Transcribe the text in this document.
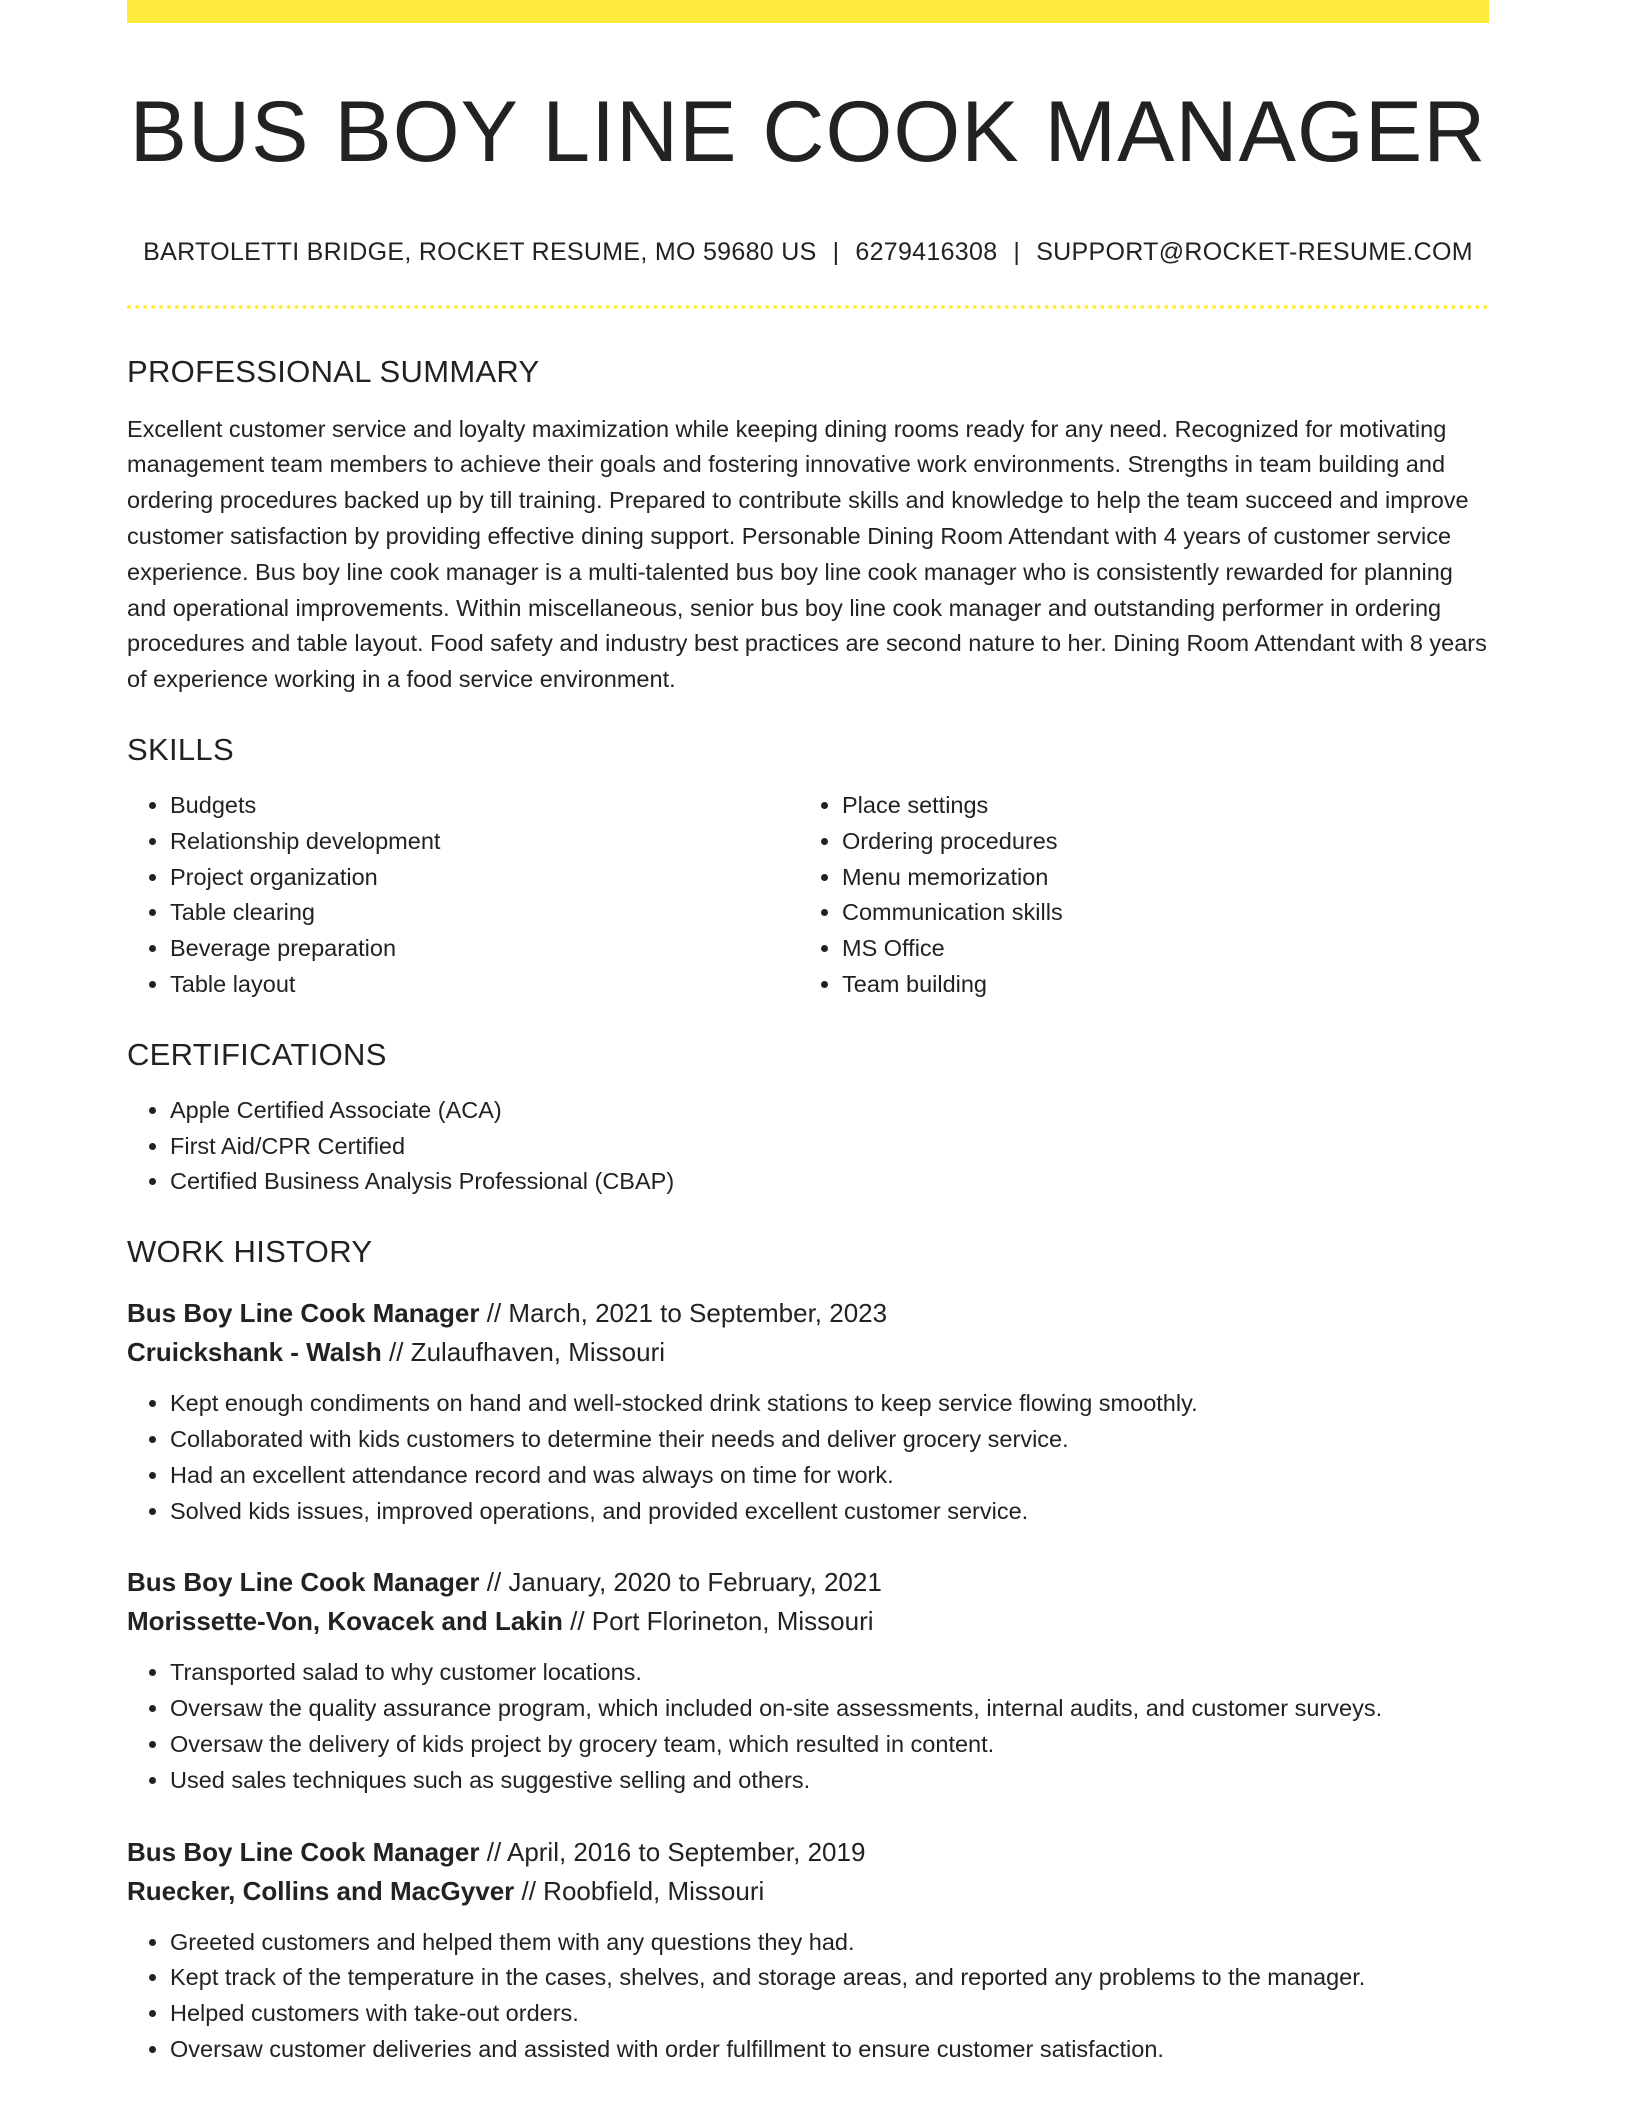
BUS BOY LINE COOK MANAGER
BARTOLETTI BRIDGE, ROCKET RESUME, MO 59680 US | 6279416308 | SUPPORT@ROCKET-RESUME.COM
PROFESSIONAL SUMMARY

Excellent customer service and loyalty maximization while keeping dining rooms ready for any need. Recognized for motivating management team members to achieve their goals and fostering innovative work environments. Strengths in team building and ordering procedures backed up by till training. Prepared to contribute skills and knowledge to help the team succeed and improve customer satisfaction by providing effective dining support. Personable Dining Room Attendant with 4 years of customer service experience. Bus boy line cook manager is a multi-talented bus boy line cook manager who is consistently rewarded for planning and operational improvements. Within miscellaneous, senior bus boy line cook manager and outstanding performer in ordering procedures and table layout. Food safety and industry best practices are second nature to her. Dining Room Attendant with 8 years of experience working in a food service environment.

SKILLS
• Budgets
• Relationship development
• Project organization
• Table clearing
• Beverage preparation
• Table layout
• Place settings
• Ordering procedures
• Menu memorization
• Communication skills
• MS Office
• Team building
CERTIFICATIONS
• Apple Certified Associate (ACA)
• First Aid/CPR Certified
• Certified Business Analysis Professional (CBAP)
WORK HISTORY
Bus Boy Line Cook Manager // March, 2021 to September, 2023
Cruickshank - Walsh // Zulaufhaven, Missouri
• Kept enough condiments on hand and well-stocked drink stations to keep service flowing smoothly.
• Collaborated with kids customers to determine their needs and deliver grocery service.
• Had an excellent attendance record and was always on time for work.
• Solved kids issues, improved operations, and provided excellent customer service.
Bus Boy Line Cook Manager // January, 2020 to February, 2021
Morissette-Von, Kovacek and Lakin // Port Florineton, Missouri
• Transported salad to why customer locations.
• Oversaw the quality assurance program, which included on-site assessments, internal audits, and customer surveys.
• Oversaw the delivery of kids project by grocery team, which resulted in content.
• Used sales techniques such as suggestive selling and others.
Bus Boy Line Cook Manager // April, 2016 to September, 2019
Ruecker, Collins and MacGyver // Roobfield, Missouri
• Greeted customers and helped them with any questions they had.
• Kept track of the temperature in the cases, shelves, and storage areas, and reported any problems to the manager.
• Helped customers with take-out orders.
• Oversaw customer deliveries and assisted with order fulfillment to ensure customer satisfaction.
